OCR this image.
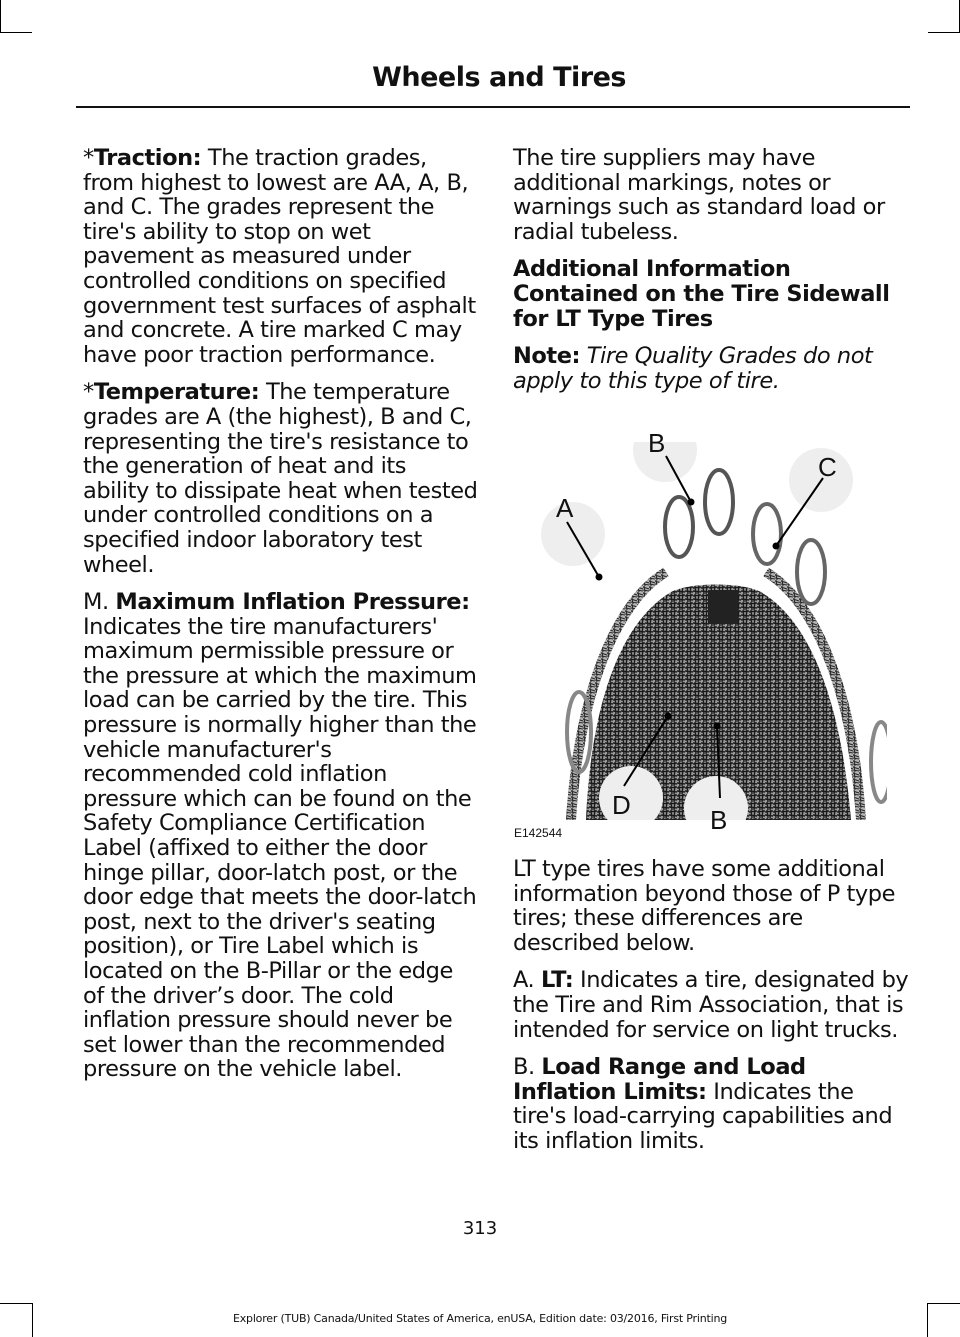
Wheels and Tires

*Traction: The traction grades, from highest to lowest are AA, A, B, and C. The grades represent the tire's ability to stop on wet pavement as measured under controlled conditions on specified government test surfaces of asphalt and concrete. A tire marked C may have poor traction performance.

*Temperature: The temperature grades are A (the highest), B and C, representing the tire's resistance to the generation of heat and its ability to dissipate heat when tested under controlled conditions on a specified indoor laboratory test wheel.

M. Maximum Inflation Pressure: Indicates the tire manufacturers' maximum permissible pressure or the pressure at which the maximum load can be carried by the tire. This pressure is normally higher than the vehicle manufacturer's recommended cold inflation pressure which can be found on the Safety Compliance Certification Label (affixed to either the door hinge pillar, door-latch post, or the door edge that meets the door-latch post, next to the driver's seating position), or Tire Label which is located on the B-Pillar or the edge of the driver’s door. The cold inflation pressure should never be set lower than the recommended pressure on the vehicle label.

The tire suppliers may have additional markings, notes or warnings such as standard load or radial tubeless.

Additional Information Contained on the Tire Sidewall for LT Type Tires

Note: Tire Quality Grades do not apply to this type of tire.

A
B
C
D	B
E142544

LT type tires have some additional information beyond those of P type tires; these differences are described below.

A. LT: Indicates a tire, designated by the Tire and Rim Association, that is intended for service on light trucks.

B. Load Range and Load Inflation Limits: Indicates the tire's load-carrying capabilities and its inflation limits.

313
Explorer (TUB) Canada/United States of America, enUSA, Edition date: 03/2016, First Printing
